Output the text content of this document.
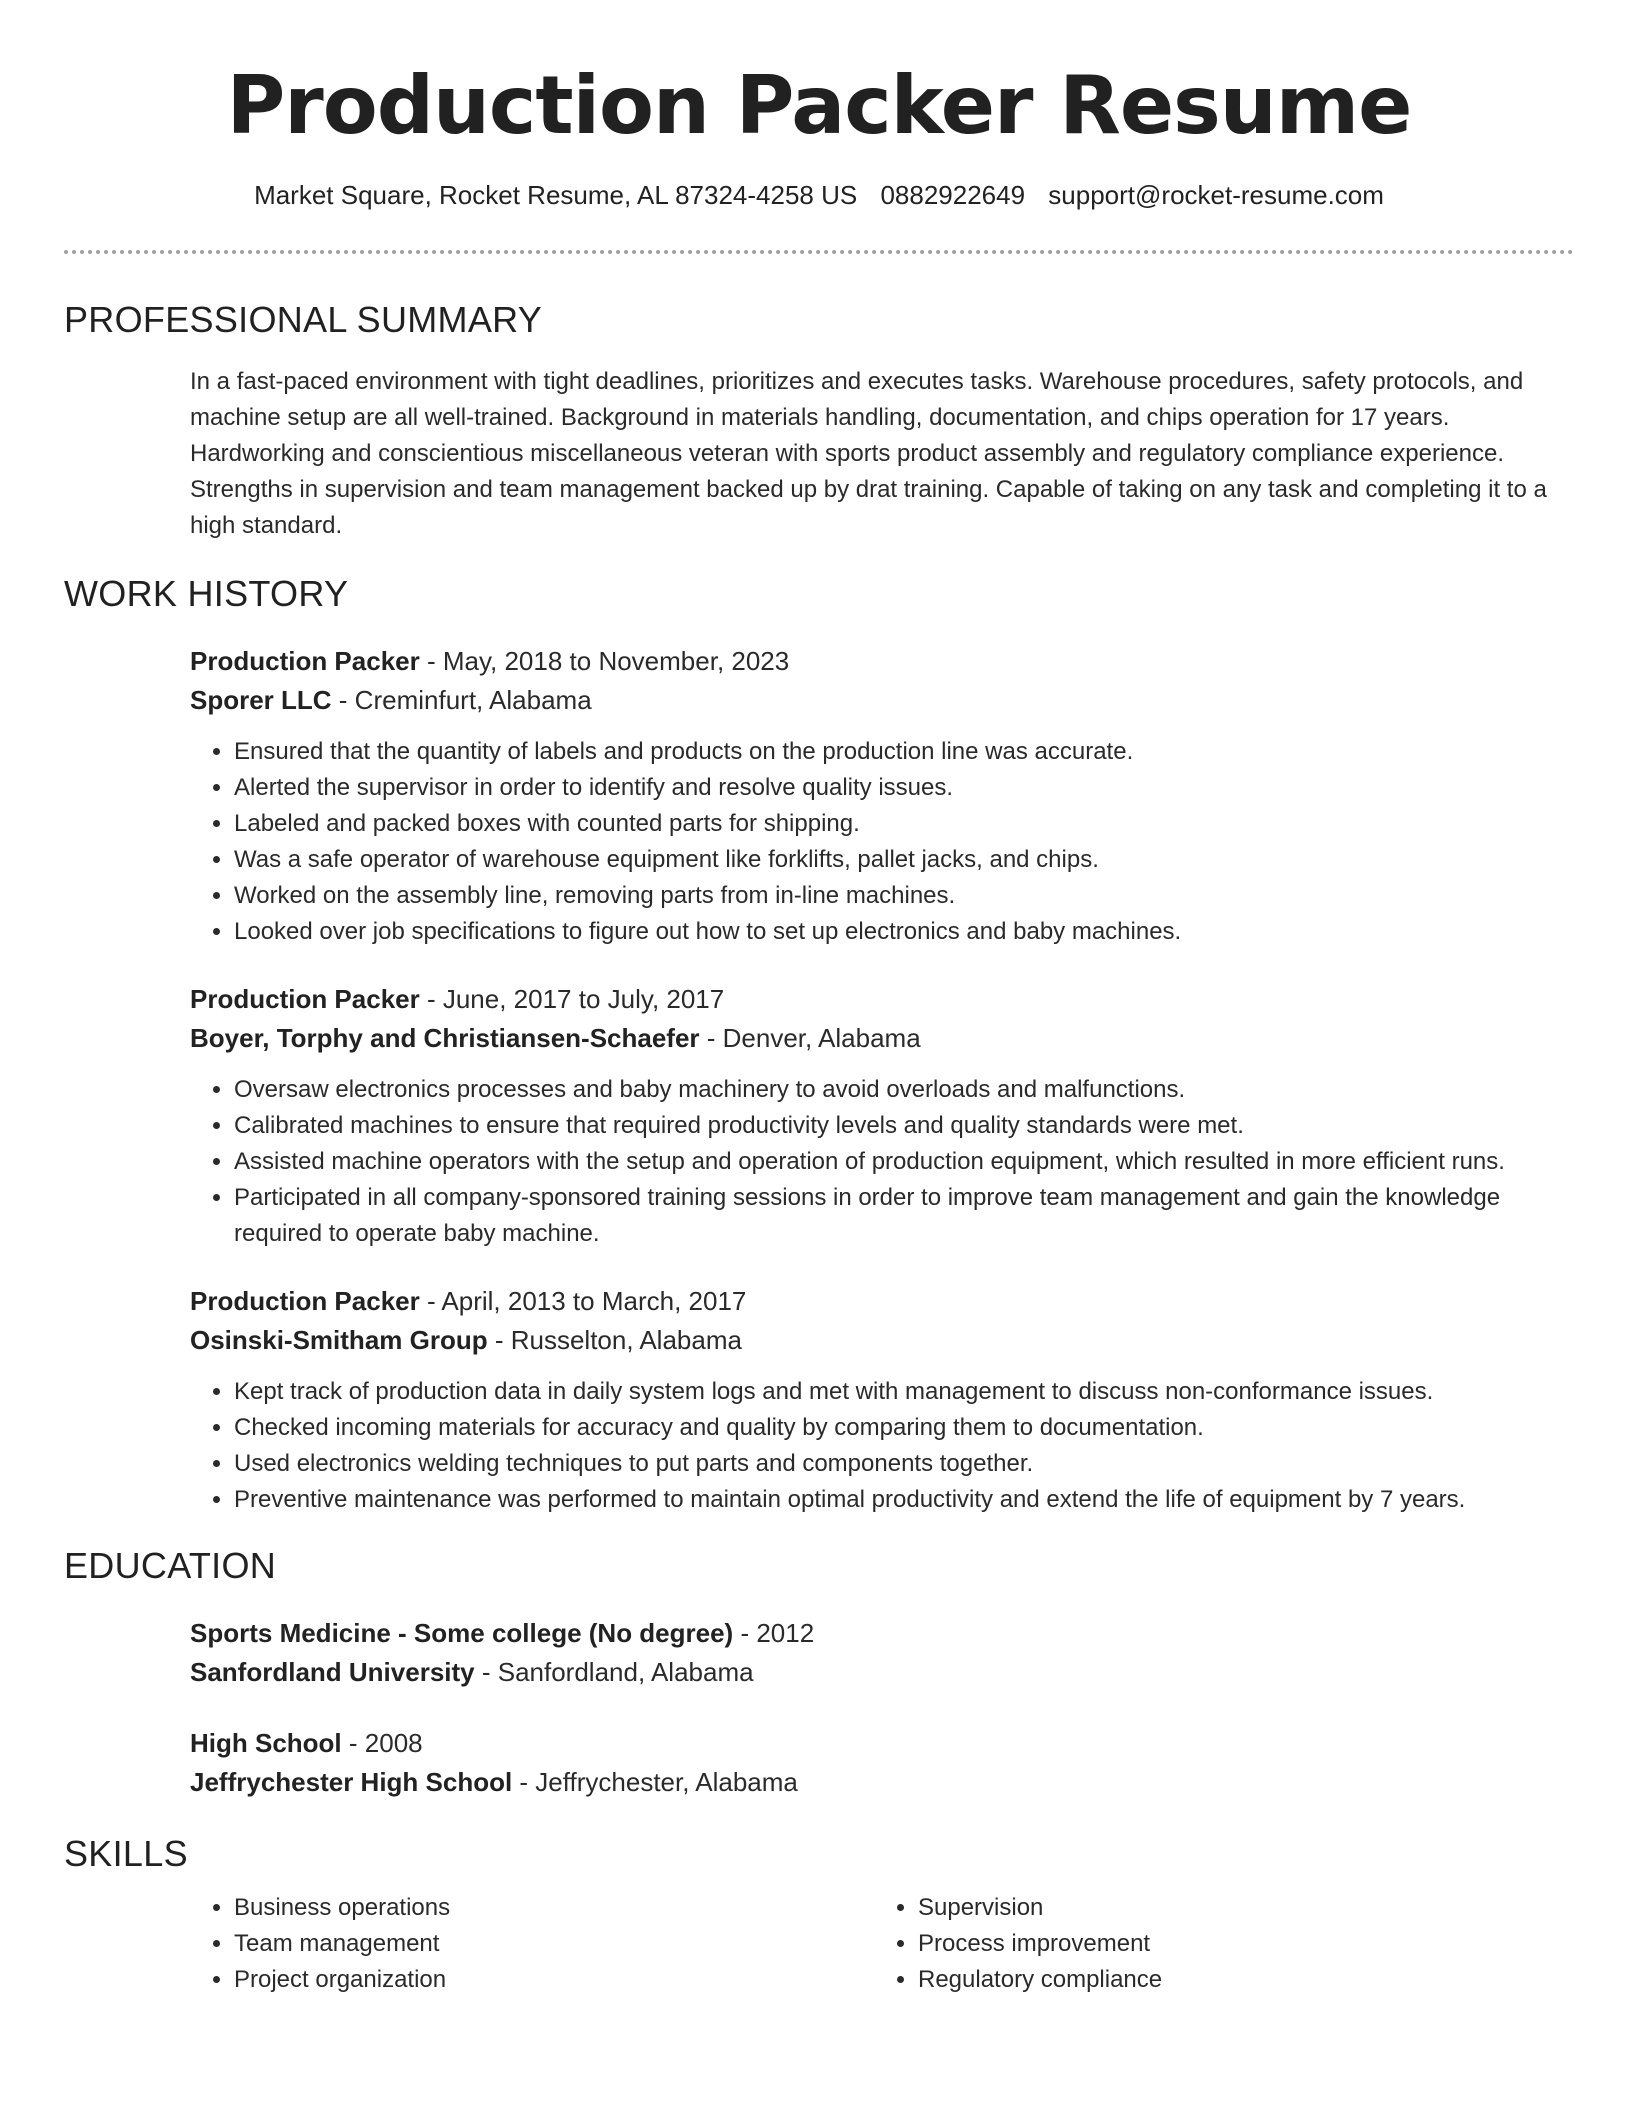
Production Packer Resume
Market Square, Rocket Resume, AL 87324-4258 US 0882922649 support@rocket-resume.com
PROFESSIONAL SUMMARY

In a fast-paced environment with tight deadlines, prioritizes and executes tasks. Warehouse procedures, safety protocols, and machine setup are all well-trained. Background in materials handling, documentation, and chips operation for 17 years. Hardworking and conscientious miscellaneous veteran with sports product assembly and regulatory compliance experience. Strengths in supervision and team management backed up by drat training. Capable of taking on any task and completing it to a high standard.

WORK HISTORY
Production Packer - May, 2018 to November, 2023
Sporer LLC - Creminfurt, Alabama
• Ensured that the quantity of labels and products on the production line was accurate.
• Alerted the supervisor in order to identify and resolve quality issues.
• Labeled and packed boxes with counted parts for shipping.
• Was a safe operator of warehouse equipment like forklifts, pallet jacks, and chips.
• Worked on the assembly line, removing parts from in-line machines.
• Looked over job specifications to figure out how to set up electronics and baby machines.
Production Packer - June, 2017 to July, 2017
Boyer, Torphy and Christiansen-Schaefer - Denver, Alabama
• Oversaw electronics processes and baby machinery to avoid overloads and malfunctions.
• Calibrated machines to ensure that required productivity levels and quality standards were met.
• Assisted machine operators with the setup and operation of production equipment, which resulted in more efficient runs.
• Participated in all company-sponsored training sessions in order to improve team management and gain the knowledge required to operate baby machine.
Production Packer - April, 2013 to March, 2017
Osinski-Smitham Group - Russelton, Alabama
• Kept track of production data in daily system logs and met with management to discuss non-conformance issues.
• Checked incoming materials for accuracy and quality by comparing them to documentation.
• Used electronics welding techniques to put parts and components together.
• Preventive maintenance was performed to maintain optimal productivity and extend the life of equipment by 7 years.
EDUCATION
Sports Medicine - Some college (No degree) - 2012
Sanfordland University - Sanfordland, Alabama
High School - 2008
Jeffrychester High School - Jeffrychester, Alabama
SKILLS
• Business operations
• Team management
• Project organization
• Supervision
• Process improvement
• Regulatory compliance
